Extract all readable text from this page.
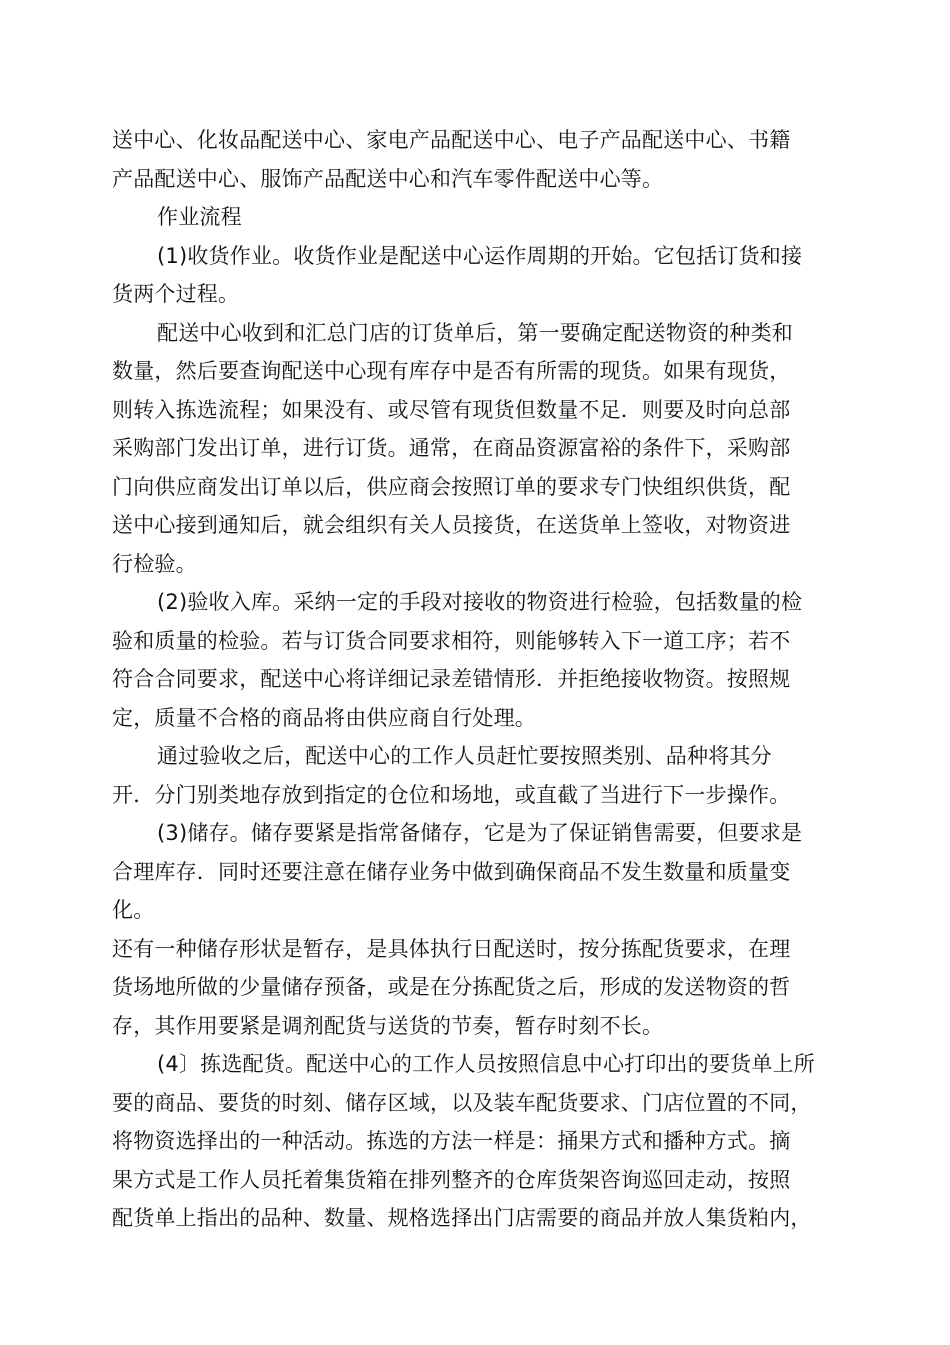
送中心、化妆品配送中心、家电产品配送中心、电子产品配送中心、书籍
产品配送中心、服饰产品配送中心和汽车零件配送中心等。
作业流程
(1)收货作业。收货作业是配送中心运作周期的开始。它包括订货和接
货两个过程。
配送中心收到和汇总门店的订货单后，第一要确定配送物资的种类和
数量，然后要查询配送中心现有库存中是否有所需的现货。如果有现货，
则转入拣选流程；如果没有、或尽管有现货但数量不足．则要及时向总部
采购部门发出订单，进行订货。通常，在商品资源富裕的条件下，采购部
门向供应商发出订单以后，供应商会按照订单的要求专门快组织供货，配
送中心接到通知后，就会组织有关人员接货，在送货单上签收，对物资进
行检验。
(2)验收入库。采纳一定的手段对接收的物资进行检验，包括数量的检
验和质量的检验。若与订货合同要求相符，则能够转入下一道工序；若不
符合合同要求，配送中心将详细记录差错情形．并拒绝接收物资。按照规
定，质量不合格的商品将由供应商自行处理。
通过验收之后，配送中心的工作人员赶忙要按照类别、品种将其分
开．分门别类地存放到指定的仓位和场地，或直截了当进行下一步操作。
(3)储存。储存要紧是指常备储存，它是为了保证销售需要，但要求是
合理库存．同时还要注意在储存业务中做到确保商品不发生数量和质量变
化。
还有一种储存形状是暂存，是具体执行日配送时，按分拣配货要求，在理
货场地所做的少量储存预备，或是在分拣配货之后，形成的发送物资的哲
存，其作用要紧是调剂配货与送货的节奏，暂存时刻不长。
(4〕拣选配货。配送中心的工作人员按照信息中心打印出的要货单上所
要的商品、要货的时刻、储存区域，以及装车配货要求、门店位置的不同，
将物资选择出的一种活动。拣选的方法一样是：捅果方式和播种方式。摘
果方式是工作人员托着集货箱在排列整齐的仓库货架咨询巡回走动，按照
配货单上指出的品种、数量、规格选择出门店需要的商品并放人集货粕内，
